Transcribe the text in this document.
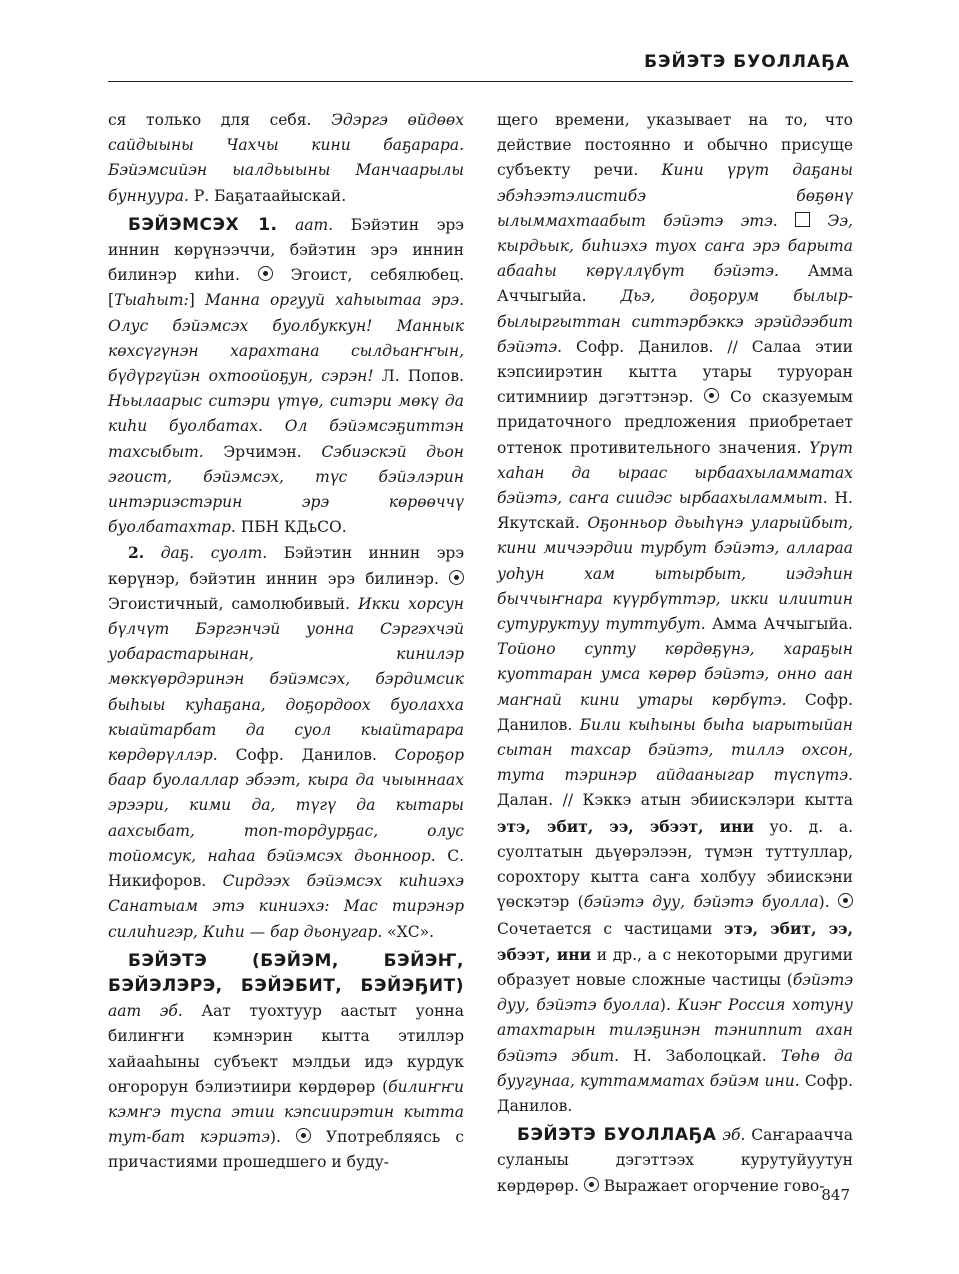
БЭЙЭТЭ БУОЛЛАҔА

ся только для себя. Эдэргэ өйдөөх сайдыыны Чахчы кини баҕарара. Бэйэмсийэн ыалдьыыны Манчаарылы буннуура. Ρ. Баҕатаайыскай.

БЭЙЭМСЭХ 1. аат. Бэйэтин эрэ иннин көрүнээччи, бэйэтин эрэ иннин билинэр киһи.  Эгоист, себялюбец. [Тыаһыт:] Манна оргууй хаһыытаа эрэ. Олус бэйэмсэх буолбуккун! Маннык көхсүгүнэн харахтана сылдьаҥҥын, бүдүргүйэн охтоойоҕун, сэрэн! Л. Попов. Ньылаарыс ситэри үтүө, ситэри мөкү да киһи буолбатах. Ол бэйэмсэҕиттэн тахсыбыт. Эрчимэн. Сэбиэскэй дьон эгоист, бэйэмсэх, түс бэйэлэрин интэриэстэрин эрэ көрөөччү буолбатахтар. ПБН КДьСО.

2. даҕ. суолт. Бэйэтин иннин эрэ көрүнэр, бэйэтин иннин эрэ билинэр.  Эгоистичный, самолюбивый. Икки хорсун бүлчүт Бэргэнчэй уонна Сэргэхчэй уобарастарынан, кинилэр мөккүөрдэринэн бэйэмсэх, бэрдимсик быһыы куһаҕана, доҕордоох буолаххa кыайтарбат да суол кыайтарара көрдөрүллэр. Софр. Данилов. Сороҕор баар буолаллар эбээт, кыра да чыыннаах эрээри, кими да, түгү да кытары аахсыбат, топ-тордурҕас, олус тойомсук, наһаа бэйэмсэх дьонноор. С. Никифоров. Сирдээх бэйэмсэх киһиэхэ Санатыам этэ киниэхэ: Мас тирэнэр силиһигэр, Киһи — бар дьонугар. «ХС».

БЭЙЭТЭ (БЭЙЭМ, БЭЙЭҤ, БЭЙЭЛЭРЭ, БЭЙЭБИТ, БЭЙЭҔИТ) аат эб. Аат туохтуур аастыт уонна билиҥҥи кэмнэрин кытта этиллэр хайааһыны субъект мэлдьи идэ курдук оҥорорун бэлиэтиири көрдөрөр (билиҥҥи кэмҥэ туспа этии кэпсиирэтин кытта тут-бат кэриэтэ).  Употребляясь с причастиями прошедшего и буду-

щего времени, указывает на то, что действие постоянно и обычно присуще субъекту речи. Кини үрүт даҕаны эбэһээтэлистибэ бөҕөнү ылыммахтаабыт бэйэтэ этэ.  Ээ, кырдьык, биһиэхэ туох саҥа эрэ барыта абааһы көрүллүбүт бэйэтэ. Амма Аччыгыйа. Дьэ, доҕорум былыр-былыргыттан ситтэрбэккэ эрэйдээбит бэйэтэ. Софр. Данилов. // Салаа этии кэпсиирэтин кытта утары туруоран ситимниир дэгэттэнэр.  Со сказуемым придаточного предложения приобретает оттенок противительного значения. Үрүт хаһан да ыраас ырбаахыламматах бэйэтэ, саҥа сиидэс ырбаахыламмыт. Н. Якутскай. Оҕонньор дьыһүнэ уларыйбыт, кини мичээрдии турбут бэйэтэ, аллараа уоһун хам ытырбыт, иэдэһин быччыҥнара күүрбүттэр, икки илиитин сутуруктуу туттубут. Амма Аччыгыйа. Тойоно супту көрдөҕүнэ, хараҕын куоттаран умса көрөр бэйэтэ, онно аан маҥнай кини утары көрбүтэ. Софр. Данилов. Били кыһыны быһа ыарытыйан сытан тахсар бэйэтэ, тиллэ охсон, тута тэринэр айдааныгар түспүтэ. Далан. // Кэккэ атын эбиискэлэри кытта этэ, эбит, ээ, эбээт, ини уо. д. а. суолтатын дьүөрэлээн, түмэн туттуллар, сорохтору кытта саҥа холбуу эбиискэни үөскэтэр (бэйэтэ дуу, бэйэтэ буолла).  Сочетается с частицами этэ, эбит, ээ, эбээт, ини и др., а с некоторыми другими образует новые сложные частицы (бэйэтэ дуу, бэйэтэ буолла). Киэҥ Россия хотуну атахтарын тилэҕинэн тэниппит ахан бэйэтэ эбит. Н. Заболоцкай. Төһө да буугунаа, куттамматах бэйэм ини. Софр. Данилов.

БЭЙЭТЭ БУОЛЛАҔА эб. Саҥараачча суланыы дэгэттээх курутуйуутун көрдөрөр.  Выражает огорчение гово-

847
